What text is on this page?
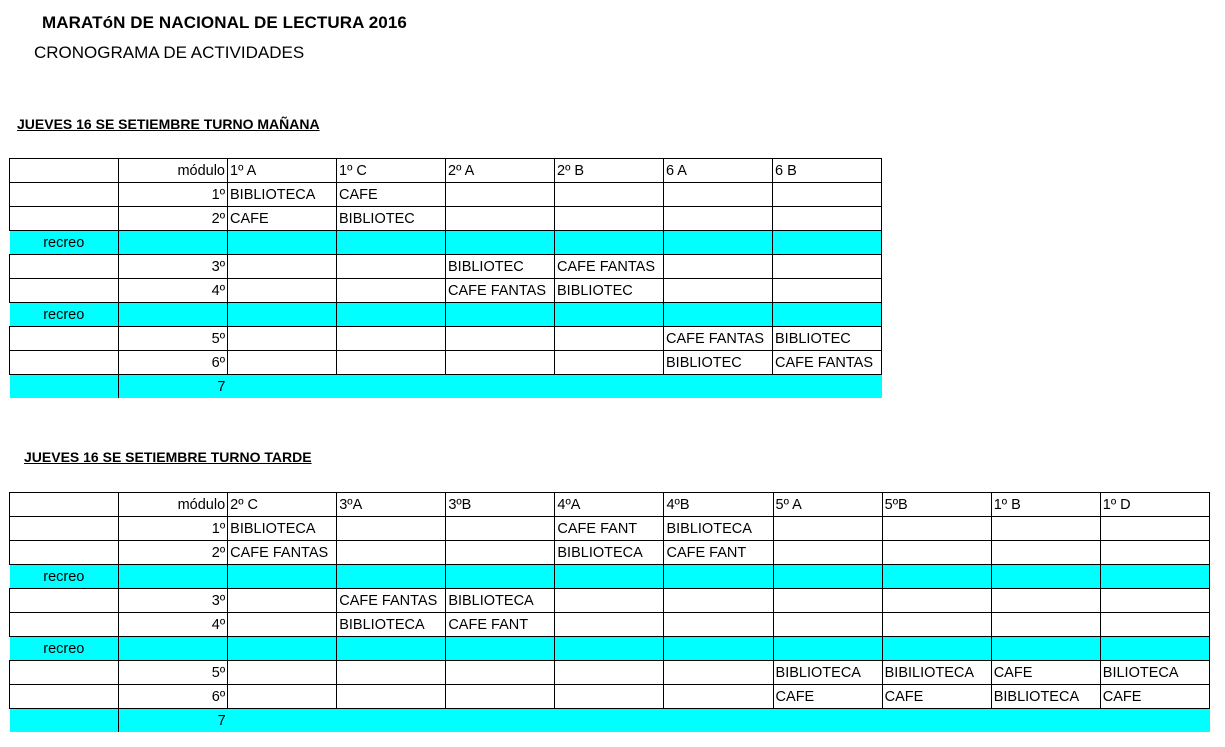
MARATóN DE NACIONAL DE LECTURA 2016
CRONOGRAMA DE ACTIVIDADES
JUEVES 16 SE SETIEMBRE TURNO MAÑANA
	módulo	1º A	1º C	2º A	2º B	6 A	6 B
	1º	BIBLIOTECA	CAFE				
	2º	CAFE	BIBLIOTEC				
recreo							
	3º			BIBLIOTEC	CAFE FANTAS		
	4º			CAFE FANTAS	BIBLIOTEC		
recreo							
	5º					CAFE FANTAS	BIBLIOTEC
	6º					BIBLIOTEC	CAFE FANTAS
	7						
JUEVES 16 SE SETIEMBRE TURNO TARDE
	módulo	2º C	3ºA	3ºB	4ºA	4ºB	5º A	5ºB	1º B	1º D
	1º	BIBLIOTECA			CAFE FANT	BIBLIOTECA				
	2º	CAFE FANTAS			BIBLIOTECA	CAFE FANT				
recreo										
	3º		CAFE FANTAS	BIBLIOTECA						
	4º		BIBLIOTECA	CAFE FANT						
recreo										
	5º						BIBLIOTECA	BIBILIOTECA	CAFE	BILIOTECA
	6º						CAFE	CAFE	BIBLIOTECA	CAFE
	7									
